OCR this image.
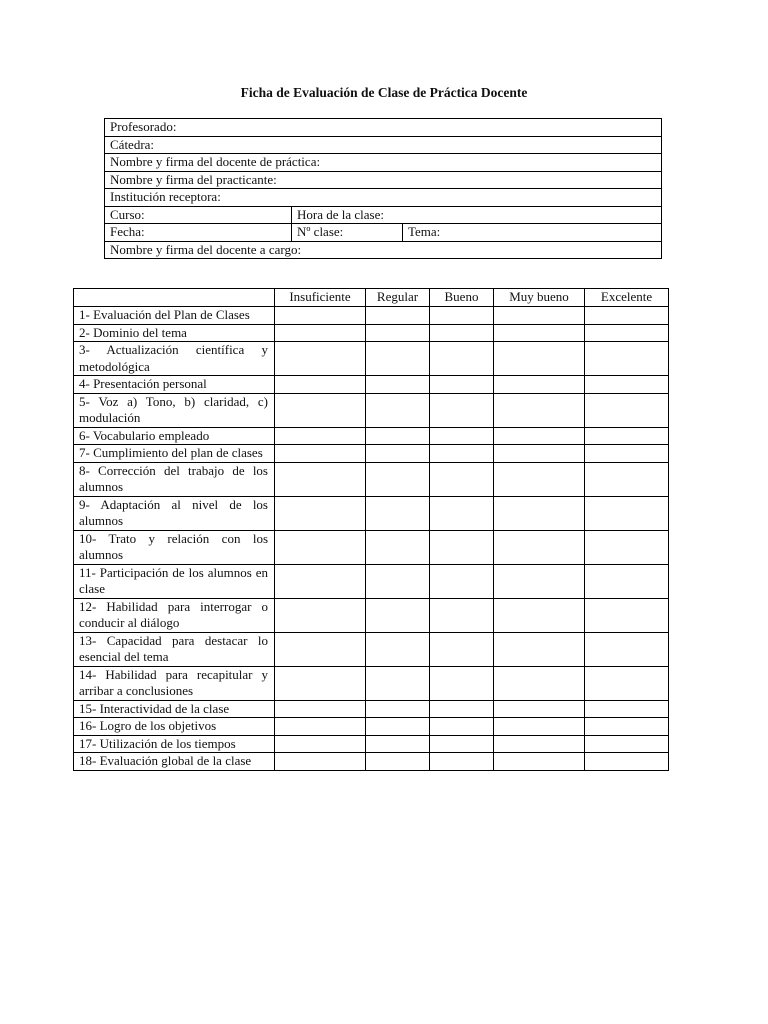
Ficha de Evaluación de Clase de Práctica Docente
Profesorado:		
Cátedra:		
Nombre y firma del docente de práctica:		
Nombre y firma del practicante:		
Institución receptora:		
Curso:	Hora de la clase:	
Fecha:	Nº clase:	Tema:
Nombre y firma del docente a cargo:		
	Insuficiente	Regular	Bueno	Muy bueno	Excelente
1- Evaluación del Plan de Clases					
2- Dominio del tema					
3- Actualización científica y metodológica					
4- Presentación personal					
5- Voz a) Tono, b) claridad, c) modulación					
6- Vocabulario empleado					
7- Cumplimiento del plan de clases					
8- Corrección del trabajo de los alumnos					
9- Adaptación al nivel de los alumnos					
10- Trato y relación con los alumnos					
11- Participación de los alumnos en clase					
12- Habilidad para interrogar o conducir al diálogo					
13- Capacidad para destacar lo esencial del tema					
14- Habilidad para recapitular y arribar a conclusiones					
15- Interactividad de la clase					
16- Logro de los objetivos					
17- Utilización de los tiempos					
18- Evaluación global de la clase					
